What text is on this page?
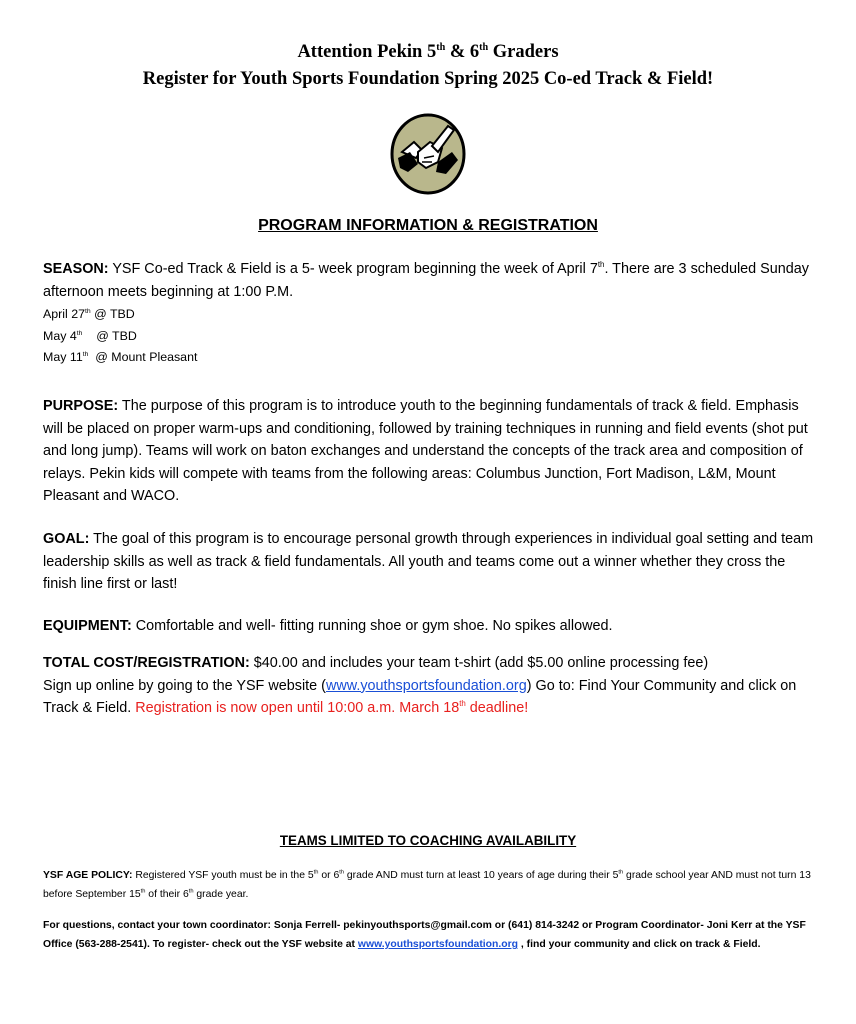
Attention Pekin 5th & 6th Graders
Register for Youth Sports Foundation Spring 2025 Co-ed Track & Field!
PROGRAM INFORMATION & REGISTRATION
SEASON: YSF Co-ed Track & Field is a 5- week program beginning the week of April 7th. There are 3 scheduled Sunday afternoon meets beginning at 1:00 P.M.
April 27th @ TBD
May 4th    @ TBD
May 11th  @ Mount Pleasant
PURPOSE: The purpose of this program is to introduce youth to the beginning fundamentals of track & field. Emphasis will be placed on proper warm-ups and conditioning, followed by training techniques in running and field events (shot put and long jump). Teams will work on baton exchanges and understand the concepts of the track area and composition of relays. Pekin kids will compete with teams from the following areas: Columbus Junction, Fort Madison, L&M, Mount Pleasant and WACO.
GOAL: The goal of this program is to encourage personal growth through experiences in individual goal setting and team leadership skills as well as track & field fundamentals. All youth and teams come out a winner whether they cross the finish line first or last!
EQUIPMENT: Comfortable and well- fitting running shoe or gym shoe. No spikes allowed.
TOTAL COST/REGISTRATION: $40.00 and includes your team t-shirt (add $5.00 online processing fee)
Sign up online by going to the YSF website (www.youthsportsfoundation.org) Go to: Find Your Community and click on Track & Field. Registration is now open until 10:00 a.m. March 18th deadline!
TEAMS LIMITED TO COACHING AVAILABILITY
YSF AGE POLICY: Registered YSF youth must be in the 5th or 6th grade AND must turn at least 10 years of age during their 5th grade school year AND must not turn 13 before September 15th of their 6th grade year.
For questions, contact your town coordinator: Sonja Ferrell- pekinyouthsports@gmail.com or (641) 814-3242 or Program Coordinator- Joni Kerr at the YSF Office (563-288-2541). To register- check out the YSF website at www.youthsportsfoundation.org , find your community and click on track & Field.
